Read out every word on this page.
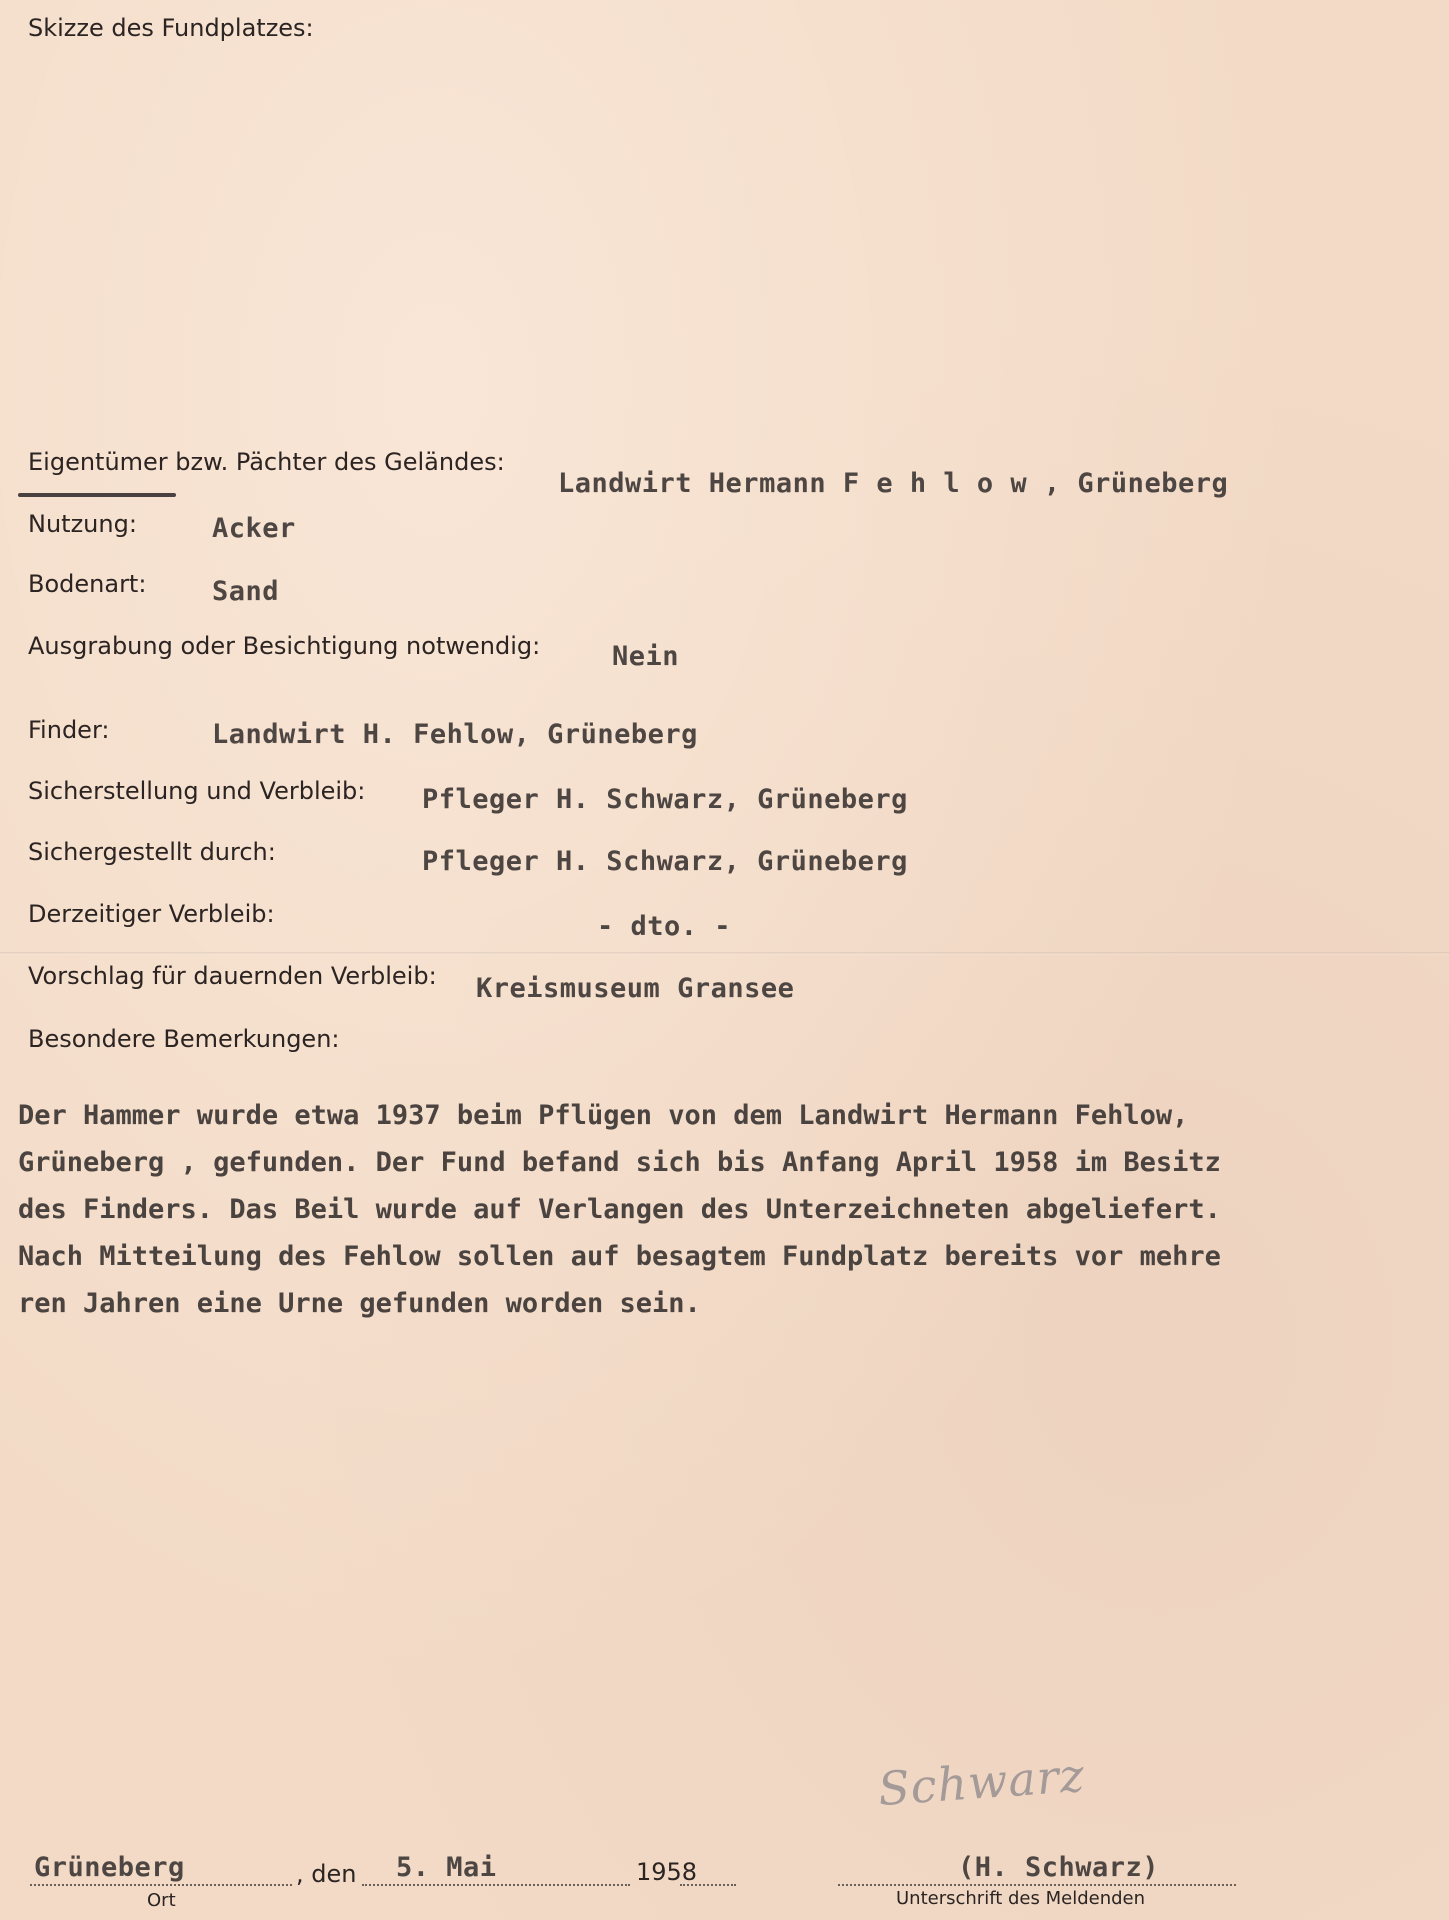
Skizze des Fundplatzes:
Eigentümer bzw. Pächter des Geländes:
Landwirt Hermann F e h l o w , Grüneberg
Nutzung:	Acker
Bodenart: Sand
Ausgrabung oder Besichtigung notwendig:	Nein
Finder:	Landwirt H. Fehlow, Grüneberg
Sicherstellung und Verbleib: Pfleger H. Schwarz, Grüneberg
Sichergestellt durch:	Pfleger H. Schwarz, Grüneberg
Derzeitiger Verbleib:	- dto. -
Vorschlag für dauernden Verbleib: Kreismuseum Gransee
Besondere Bemerkungen:
Der Hammer wurde etwa 1937 beim Pflügen von dem Landwirt Hermann Fehlow,
Grüneberg , gefunden. Der Fund befand sich bis Anfang April 1958 im Besitz
des Finders. Das Beil wurde auf Verlangen des Unterzeichneten abgeliefert.
Nach Mitteilung des Fehlow sollen auf besagtem Fundplatz bereits vor mehre
ren Jahren eine Urne gefunden worden sein.
Grüneberg
Ort
, den 5. Mai	1958
Schwarz
(H. Schwarz)
Unterschrift des Meldenden
